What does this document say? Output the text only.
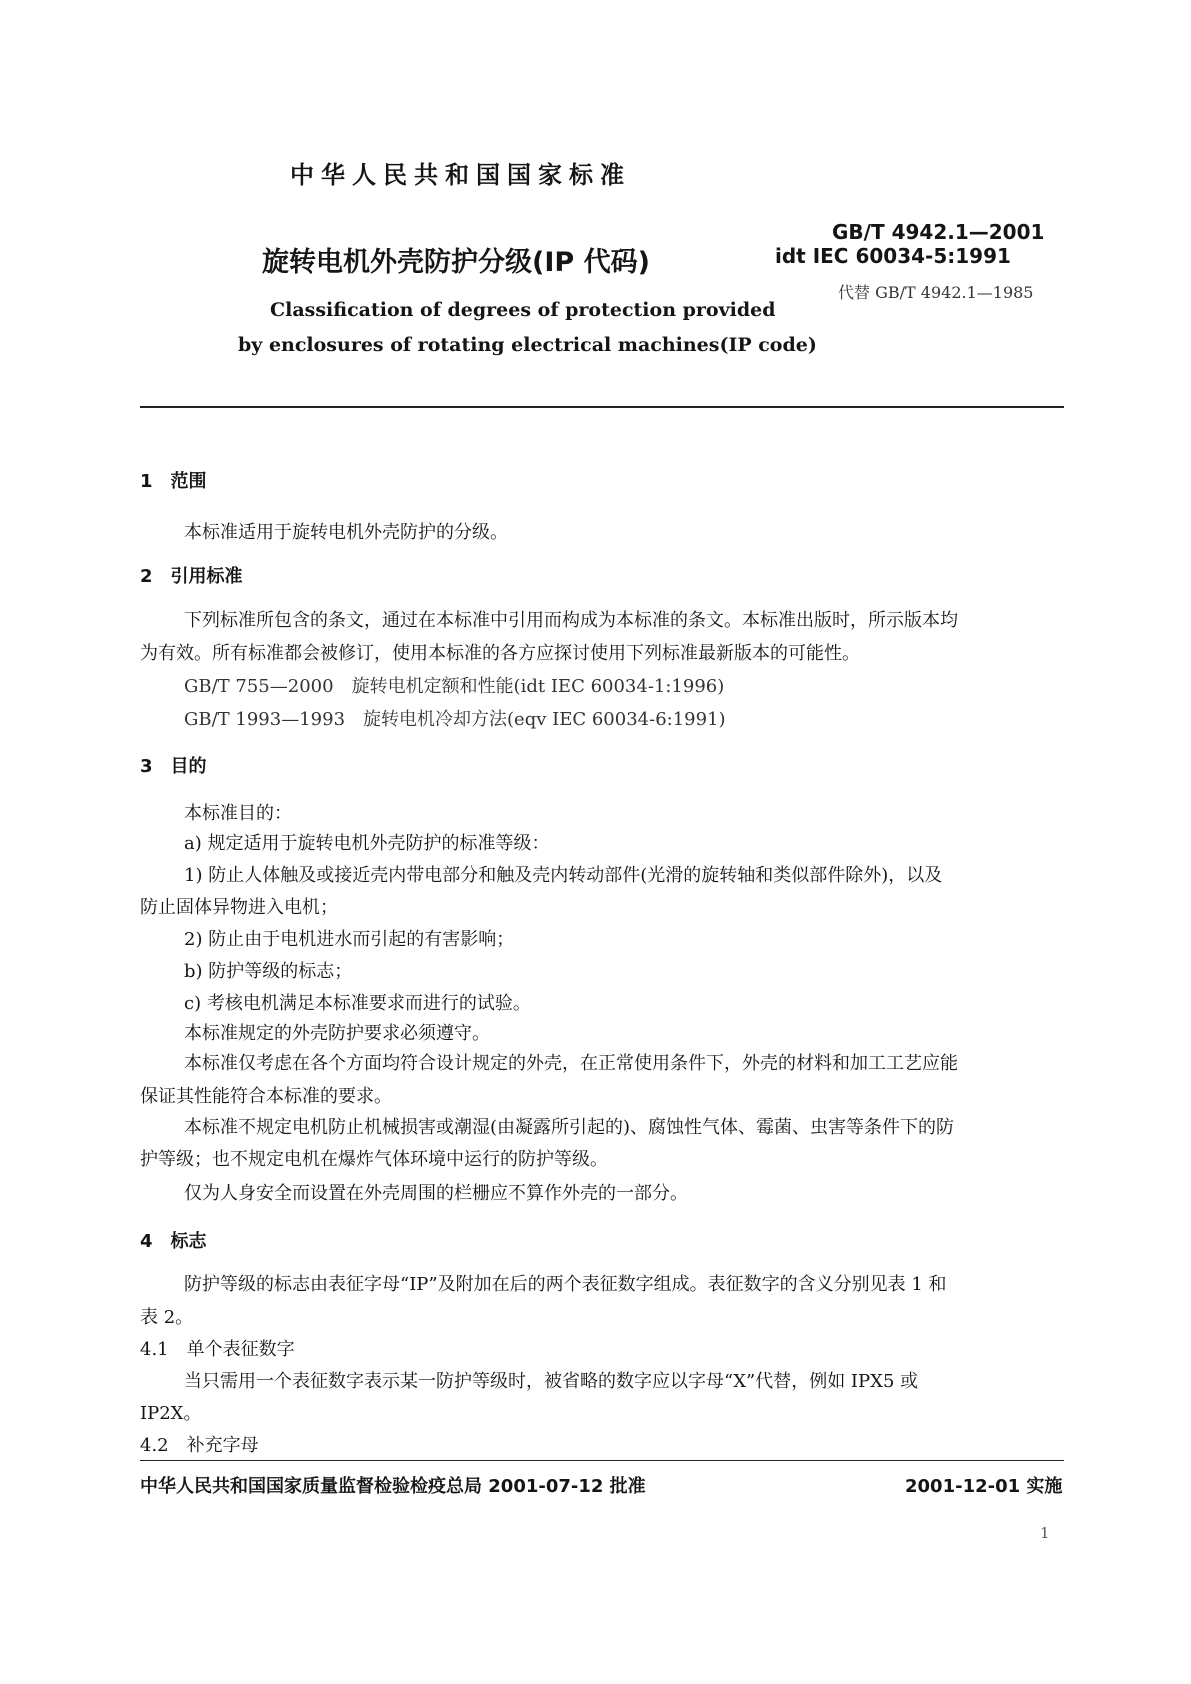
中华人民共和国国家标准
旋转电机外壳防护分级(IP 代码)
GB/T 4942.1—2001
idt IEC 60034-5:1991
代替 GB/T 4942.1—1985
Classification of degrees of protection provided
by enclosures of rotating electrical machines(IP code)
1　范围
本标准适用于旋转电机外壳防护的分级。
2　引用标准
下列标准所包含的条文，通过在本标准中引用而构成为本标准的条文。本标准出版时，所示版本均
为有效。所有标准都会被修订，使用本标准的各方应探讨使用下列标准最新版本的可能性。
GB/T 755—2000　旋转电机定额和性能(idt IEC 60034-1:1996)
GB/T 1993—1993　旋转电机冷却方法(eqv IEC 60034-6:1991)
3　目的
本标准目的：
a) 规定适用于旋转电机外壳防护的标准等级：
1) 防止人体触及或接近壳内带电部分和触及壳内转动部件(光滑的旋转轴和类似部件除外)，以及
防止固体异物进入电机；
2) 防止由于电机进水而引起的有害影响；
b) 防护等级的标志；
c) 考核电机满足本标准要求而进行的试验。
本标准规定的外壳防护要求必须遵守。
本标准仅考虑在各个方面均符合设计规定的外壳，在正常使用条件下，外壳的材料和加工工艺应能
保证其性能符合本标准的要求。
本标准不规定电机防止机械损害或潮湿(由凝露所引起的)、腐蚀性气体、霉菌、虫害等条件下的防
护等级；也不规定电机在爆炸气体环境中运行的防护等级。
仅为人身安全而设置在外壳周围的栏栅应不算作外壳的一部分。
4　标志
防护等级的标志由表征字母“IP”及附加在后的两个表征数字组成。表征数字的含义分别见表 1 和
表 2。
4.1　单个表征数字
当只需用一个表征数字表示某一防护等级时，被省略的数字应以字母“X”代替，例如 IPX5 或
IP2X。
4.2　补充字母
中华人民共和国国家质量监督检验检疫总局 2001-07-12 批准	2001-12-01 实施
1
